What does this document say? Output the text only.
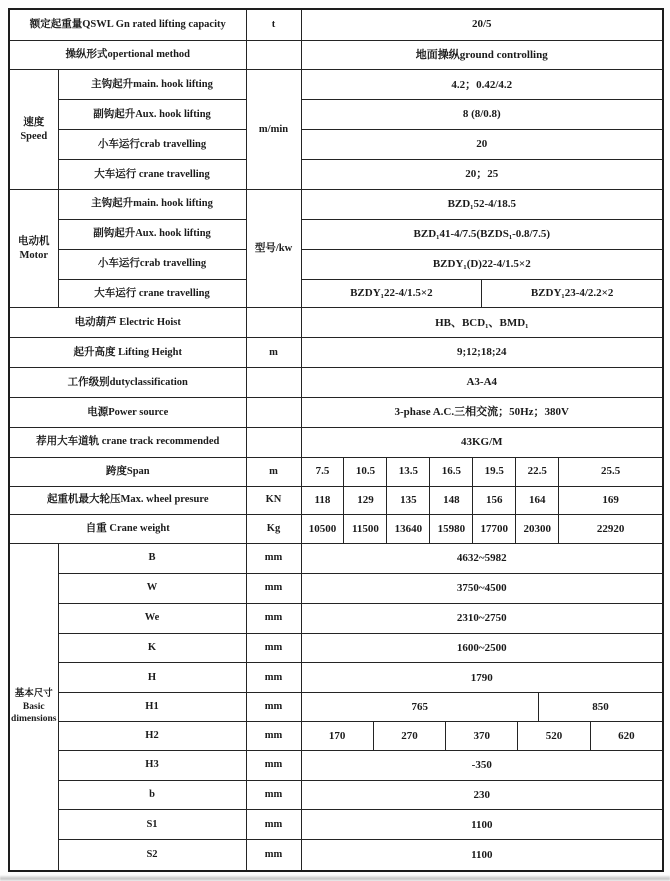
额定起重量QSWL Gn rated lifting capacity		t	20/5
操纵形式opertional method			地面操纵ground controlling

速度
Speed	主钩起升main. hook lifting	m/min	4.2；0.42/4.2
	副钩起升Aux. hook lifting		8 (8/0.8)
	小车运行crab travelling		20
	大车运行 crane travelling		20；25

电动机
Motor	主钩起升main. hook lifting	型号/kw	BZD₁52-4/18.5
	副钩起升Aux. hook lifting		BZD₁41-4/7.5(BZDS₁-0.8/7.5)
	小车运行crab travelling		BZDY₁(D)22-4/1.5×2
	大车运行 crane travelling		BZDY₁22-4/1.5×2 BZDY₁23-4/2.2×2

电动葫芦 Electric Hoist			HB、BCD₁、BMD₁
起升高度 Lifting Height		m	9;12;18;24
工作级别dutyclassification			A3-A4
电源Power source			3-phase A.C.三相交流；50Hz；380V
荐用大车道轨 crane track recommended			43KG/M
跨度Span	m	7.5	10.5	13.5	16.5	19.5	22.5	25.5

起重机最大轮压Max. wheel presure	KN	118	129	135	148	156	164	169

自重 Crane weight	Kg	10500	11500	13640	15980	17700	20300	22920

基本尺寸
Basic dimensions	B	mm	4632~5982
	W	mm	3750~4500
	We	mm	2310~2750
	K	mm	1600~2500
	H	mm	1790
	H1	mm	765 850

	H2	mm	170 270 370 520 620

	H3	mm	-350
	b	mm	230
	S1	mm	1100
	S2	mm	1100
